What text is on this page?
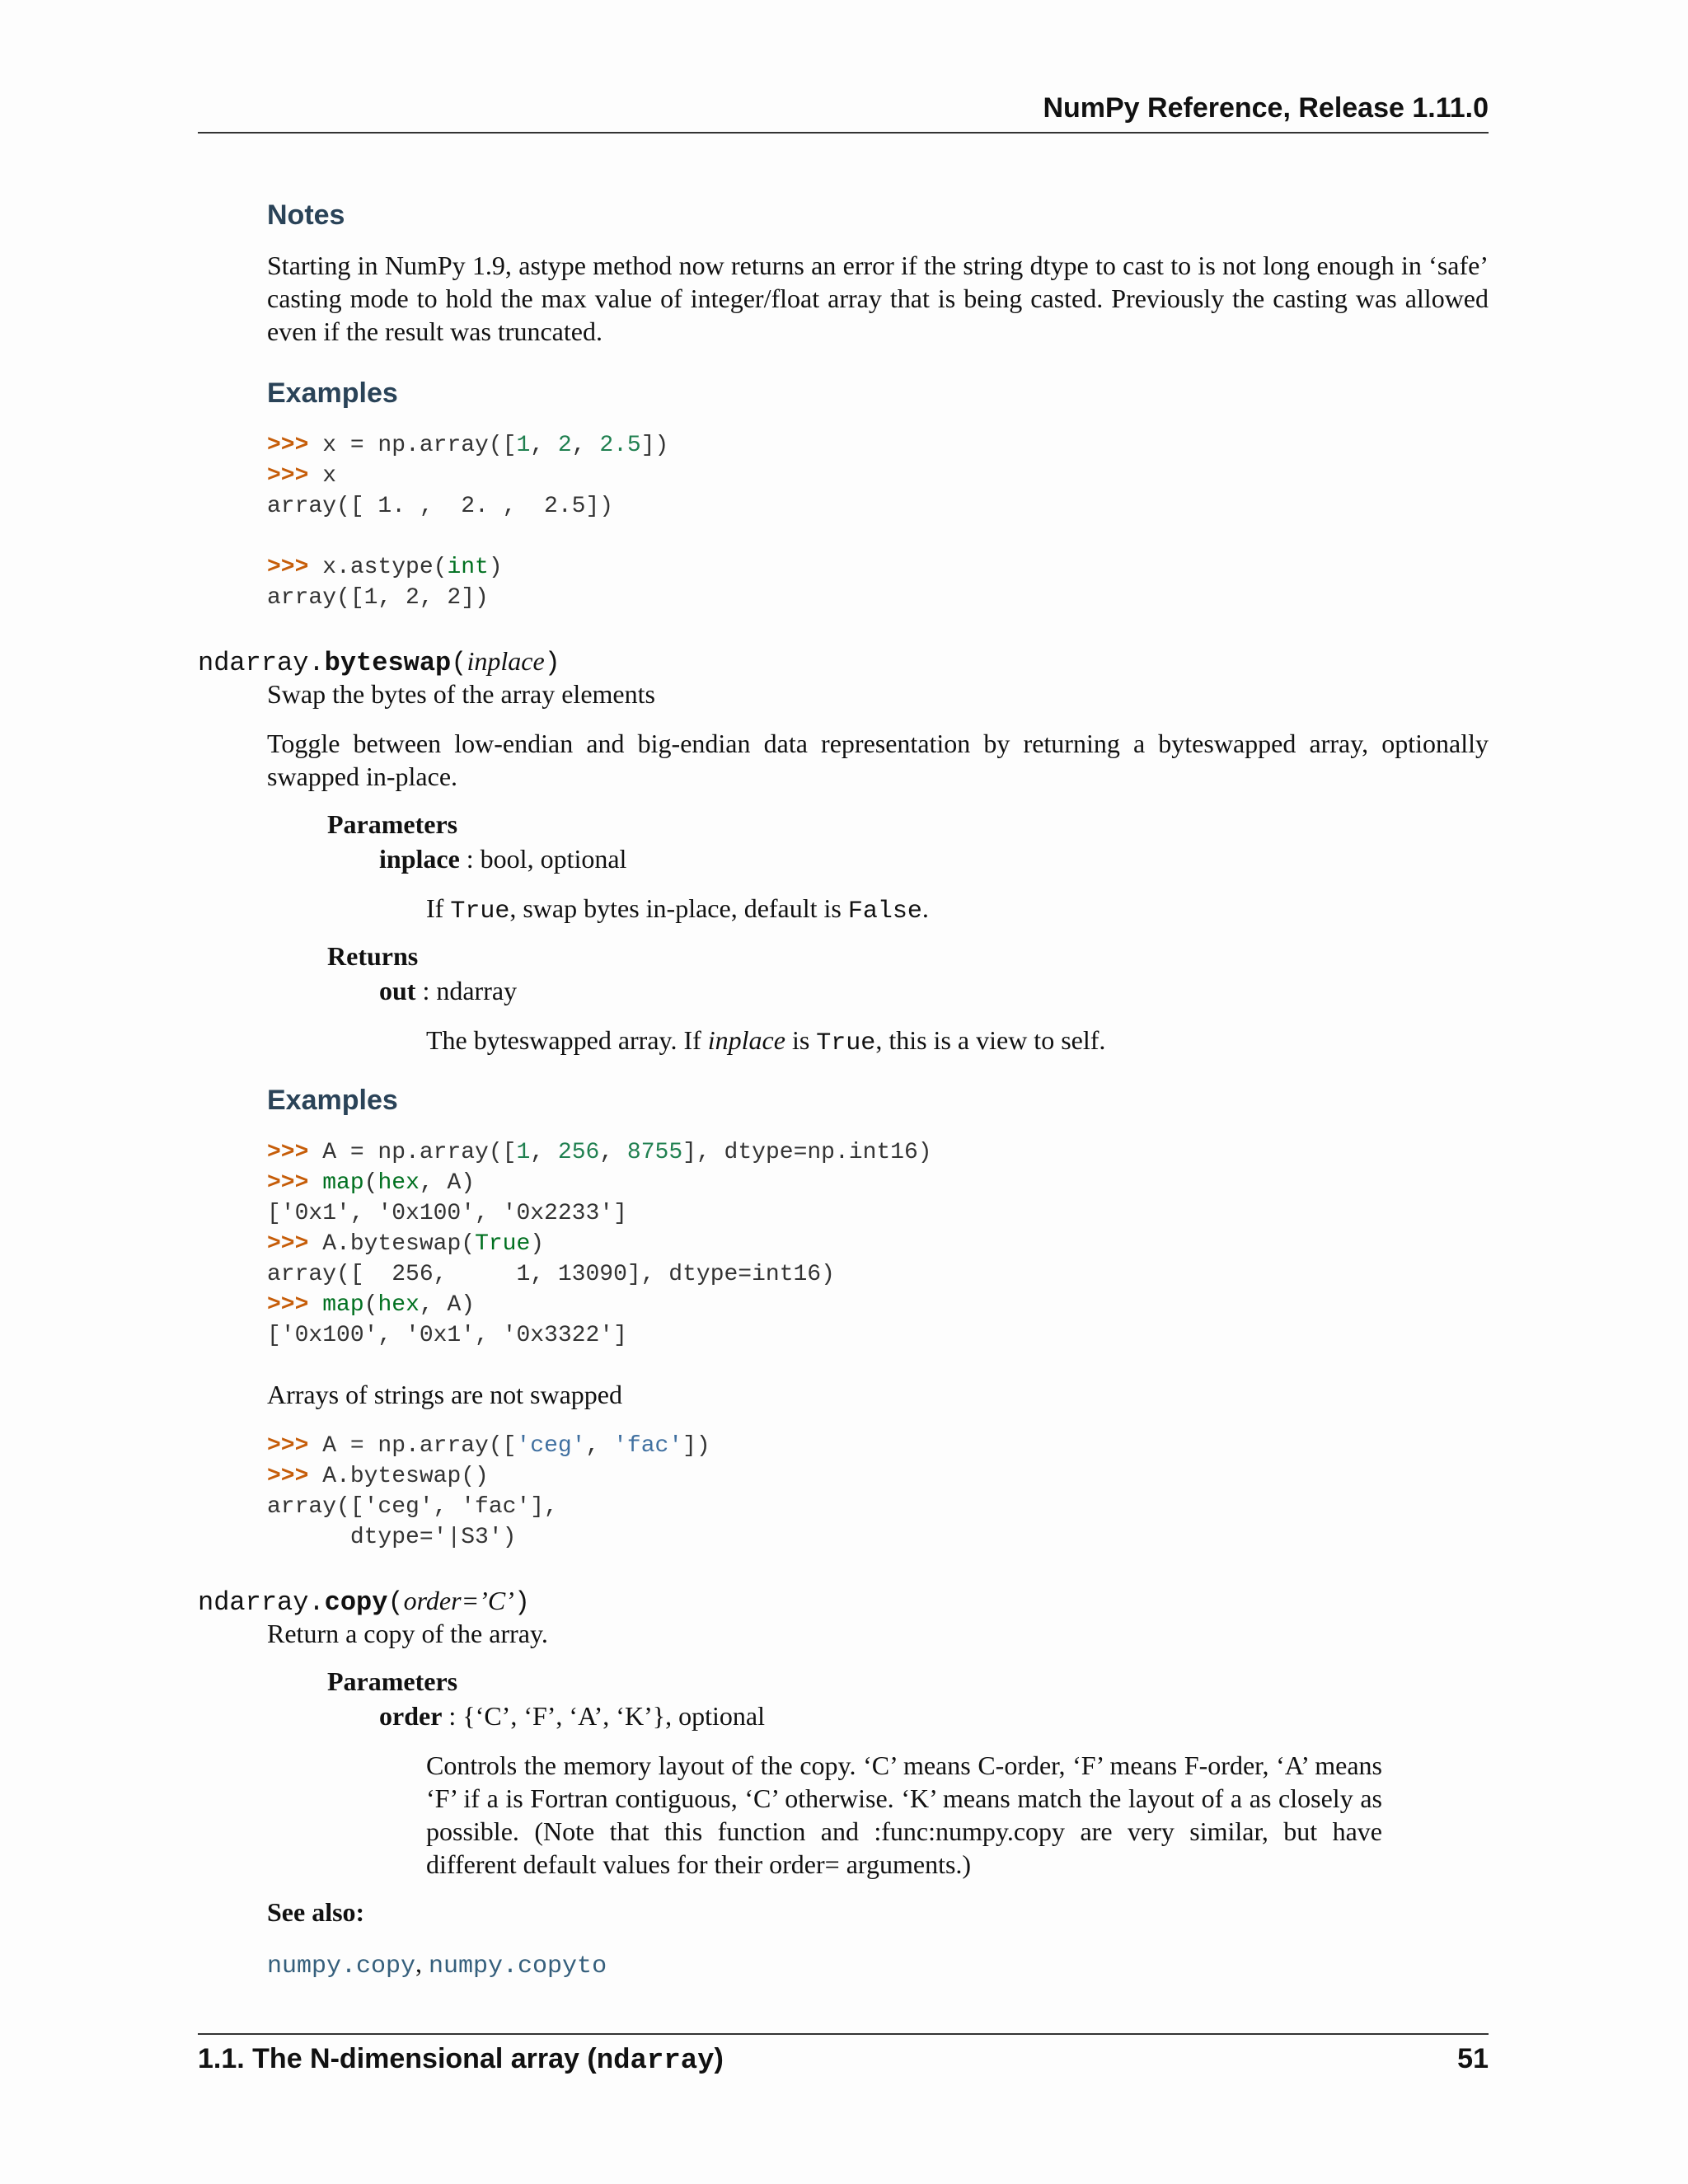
NumPy Reference, Release 1.11.0
Notes
Starting in NumPy 1.9, astype method now returns an error if the string dtype to cast to is not long enough in ‘safe’ casting mode to hold the max value of integer/float array that is being casted. Previously the casting was allowed even if the result was truncated.
Examples
>>> x = np.array([1, 2, 2.5])
>>> x
array([ 1. ,  2. ,  2.5])
>>> x.astype(int)
array([1, 2, 2])
ndarray.byteswap(inplace)
Swap the bytes of the array elements
Toggle between low-endian and big-endian data representation by returning a byteswapped array, optionally swapped in-place.
Parameters
inplace : bool, optional
If True, swap bytes in-place, default is False.
Returns
out : ndarray
The byteswapped array. If inplace is True, this is a view to self.
Examples
>>> A = np.array([1, 256, 8755], dtype=np.int16)
>>> map(hex, A)
['0x1', '0x100', '0x2233']
>>> A.byteswap(True)
array([  256,     1, 13090], dtype=int16)
>>> map(hex, A)
['0x100', '0x1', '0x3322']
Arrays of strings are not swapped
>>> A = np.array(['ceg', 'fac'])
>>> A.byteswap()
array(['ceg', 'fac'],
dtype='|S3')
ndarray.copy(order=’C’)
Return a copy of the array.
Parameters
order : {‘C’, ‘F’, ‘A’, ‘K’}, optional
Controls the memory layout of the copy. ‘C’ means C-order, ‘F’ means F-order, ‘A’ means ‘F’ if a is Fortran contiguous, ‘C’ otherwise. ‘K’ means match the layout of a as closely as possible. (Note that this function and :func:numpy.copy are very similar, but have different default values for their order= arguments.)
See also:
numpy.copy, numpy.copyto
1.1. The N-dimensional array (ndarray)	51
